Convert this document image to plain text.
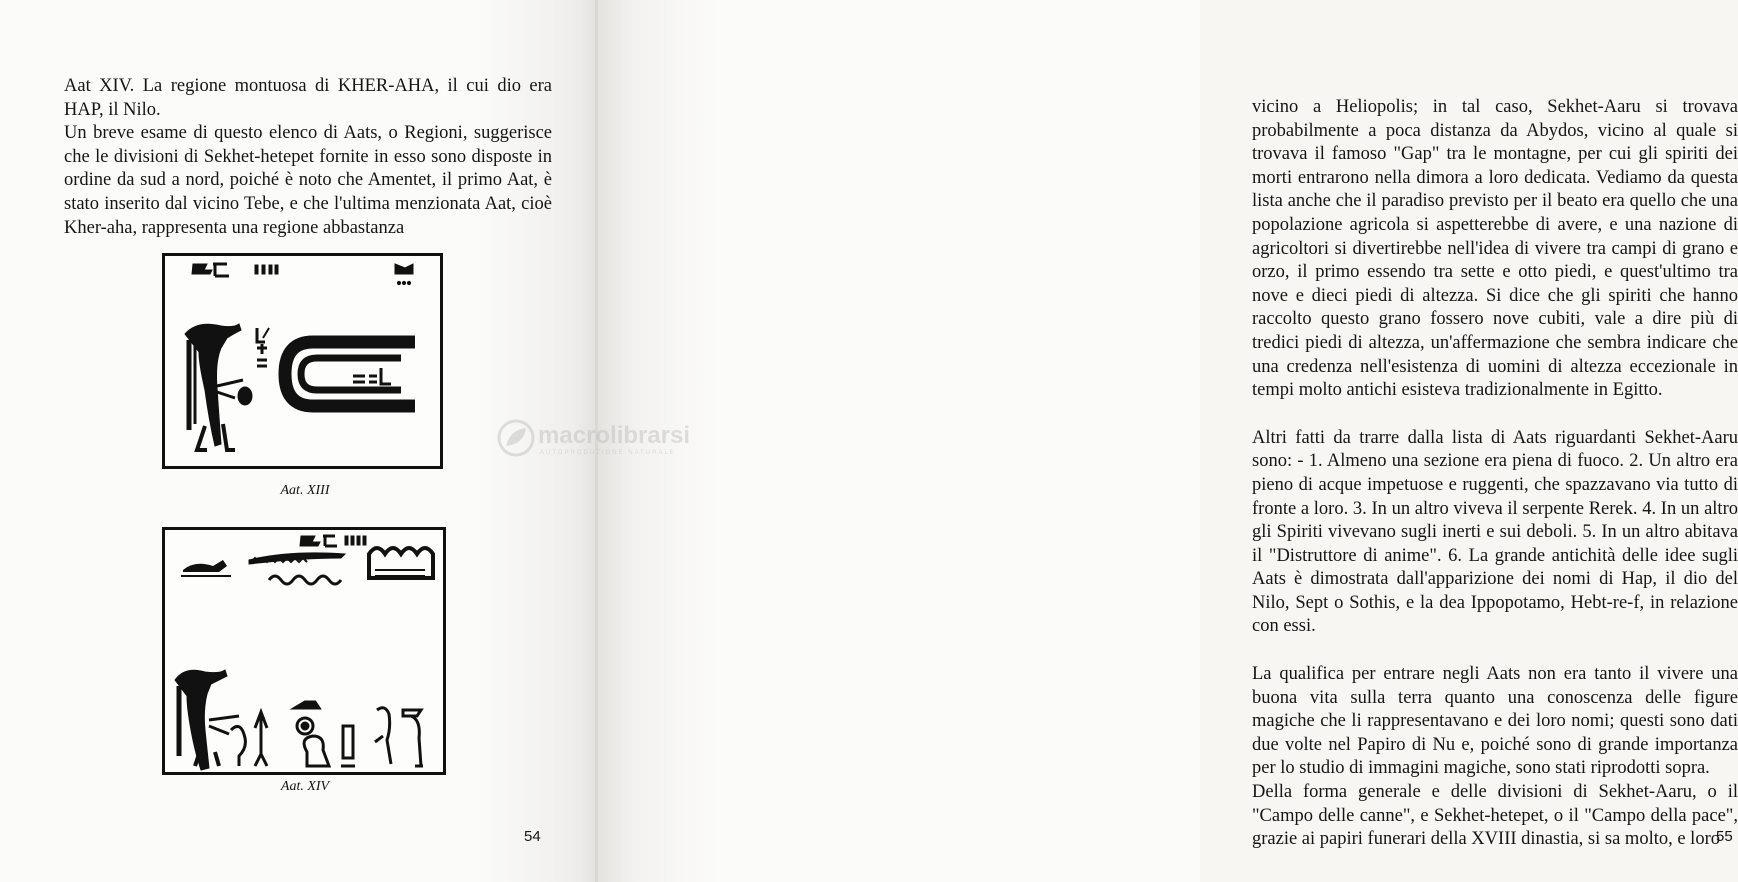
Aat XIV. La regione montuosa di KHER-AHA, il cui dio era HAP, il Nilo.

Un breve esame di questo elenco di Aats, o Regioni, suggerisce che le divisioni di Sekhet-hetepet fornite in esso sono disposte in ordine da sud a nord, poiché è noto che Amentet, il primo Aat, è stato inserito dal vicino Tebe, e che l'ultima menzionata Aat, cioè Kher-aha, rappresenta una regione abbastanza

Aat. XIII
Aat. XIV
54

vicino a Heliopolis; in tal caso, Sekhet-Aaru si trovava probabilmente a poca distanza da Abydos, vicino al quale si trovava il famoso "Gap" tra le montagne, per cui gli spiriti dei morti entrarono nella dimora a loro dedicata. Vediamo da questa lista anche che il paradiso previsto per il beato era quello che una popolazione agricola si aspetterebbe di avere, e una nazione di agricoltori si divertirebbe nell'idea di vivere tra campi di grano e orzo, il primo essendo tra sette e otto piedi, e quest'ultimo tra nove e dieci piedi di altezza. Si dice che gli spiriti che hanno raccolto questo grano fossero nove cubiti, vale a dire più di tredici piedi di altezza, un'affermazione che sembra indicare che una credenza nell'esistenza di uomini di altezza eccezionale in tempi molto antichi esisteva tradizionalmente in Egitto.

Altri fatti da trarre dalla lista di Aats riguardanti Sekhet-Aaru sono: - 1. Almeno una sezione era piena di fuoco. 2. Un altro era pieno di acque impetuose e ruggenti, che spazzavano via tutto di fronte a loro. 3. In un altro viveva il serpente Rerek. 4. In un altro gli Spiriti vivevano sugli inerti e sui deboli. 5. In un altro abitava il "Distruttore di anime". 6. La grande antichità delle idee sugli Aats è dimostrata dall'apparizione dei nomi di Hap, il dio del Nilo, Sept o Sothis, e la dea Ippopotamo, Hebt-re-f, in relazione con essi.

La qualifica per entrare negli Aats non era tanto il vivere una buona vita sulla terra quanto una conoscenza delle figure magiche che li rappresentavano e dei loro nomi; questi sono dati due volte nel Papiro di Nu e, poiché sono di grande importanza per lo studio di immagini magiche, sono stati riprodotti sopra.

Della forma generale e delle divisioni di Sekhet-Aaru, o il "Campo delle canne", e Sekhet-hetepet, o il "Campo della pace", grazie ai papiri funerari della XVIII dinastia, si sa molto, e loro

55
macrolibrarsi
AUTOPRODUZIONE NATURALE
